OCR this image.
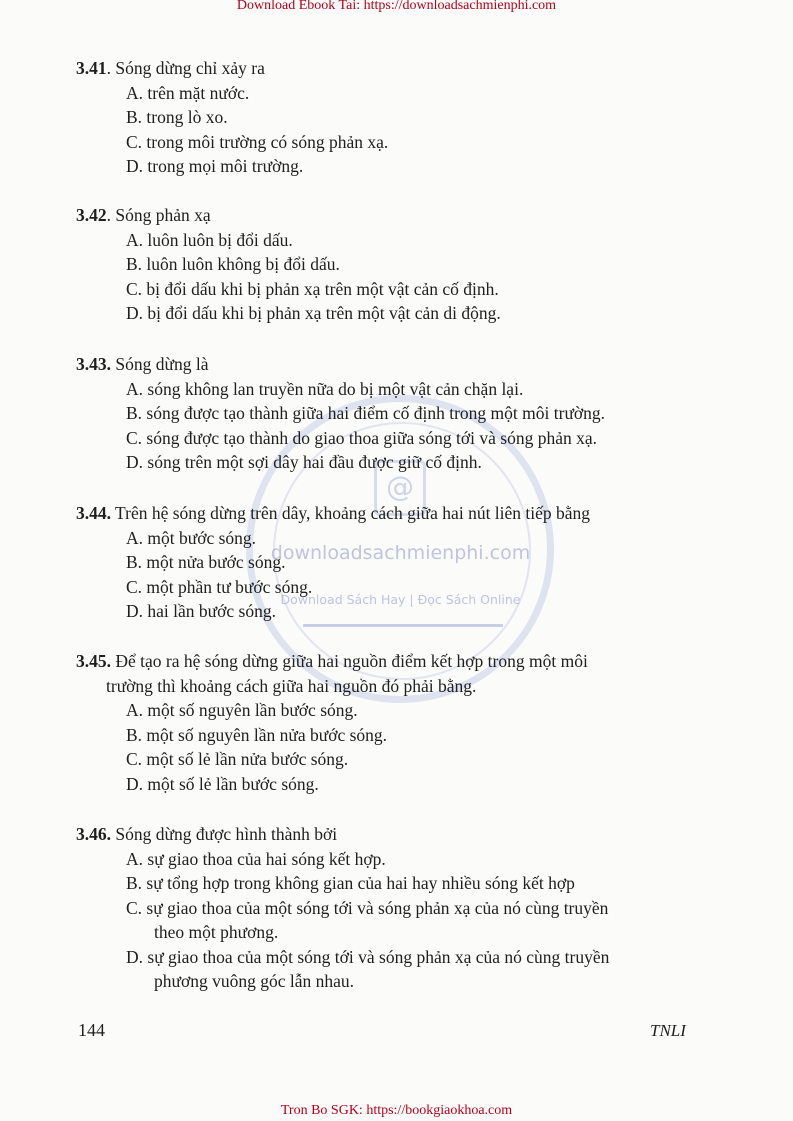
Download Ebook Tai: https://downloadsachmienphi.com
@
downloadsachmienphi.com
Download Sách Hay | Đọc Sách Online
3.41. Sóng dừng chỉ xảy ra
A. trên mặt nước.
B. trong lò xo.
C. trong môi trường có sóng phản xạ.
D. trong mọi môi trường.
3.42. Sóng phản xạ
A. luôn luôn bị đổi dấu.
B. luôn luôn không bị đổi dấu.
C. bị đổi dấu khi bị phản xạ trên một vật cản cố định.
D. bị đổi dấu khi bị phản xạ trên một vật cản di động.
3.43. Sóng dừng là
A. sóng không lan truyền nữa do bị một vật cản chặn lại.
B. sóng được tạo thành giữa hai điểm cố định trong một môi trường.
C. sóng được tạo thành do giao thoa giữa sóng tới và sóng phản xạ.
D. sóng trên một sợi dây hai đầu được giữ cố định.
3.44. Trên hệ sóng dừng trên dây, khoảng cách giữa hai nút liên tiếp bằng
A. một bước sóng.
B. một nửa bước sóng.
C. một phần tư bước sóng.
D. hai lần bước sóng.
3.45. Để tạo ra hệ sóng dừng giữa hai nguồn điểm kết hợp trong một môi
trường thì khoảng cách giữa hai nguồn đó phải bằng.
A. một số nguyên lần bước sóng.
B. một số nguyên lần nửa bước sóng.
C. một số lẻ lần nửa bước sóng.
D. một số lẻ lần bước sóng.
3.46. Sóng dừng được hình thành bởi
A. sự giao thoa của hai sóng kết hợp.
B. sự tổng hợp trong không gian của hai hay nhiều sóng kết hợp
C. sự giao thoa của một sóng tới và sóng phản xạ của nó cùng truyền
theo một phương.
D. sự giao thoa của một sóng tới và sóng phản xạ của nó cùng truyền
phương vuông góc lẫn nhau.
144	TNLI
Tron Bo SGK: https://bookgiaokhoa.com
